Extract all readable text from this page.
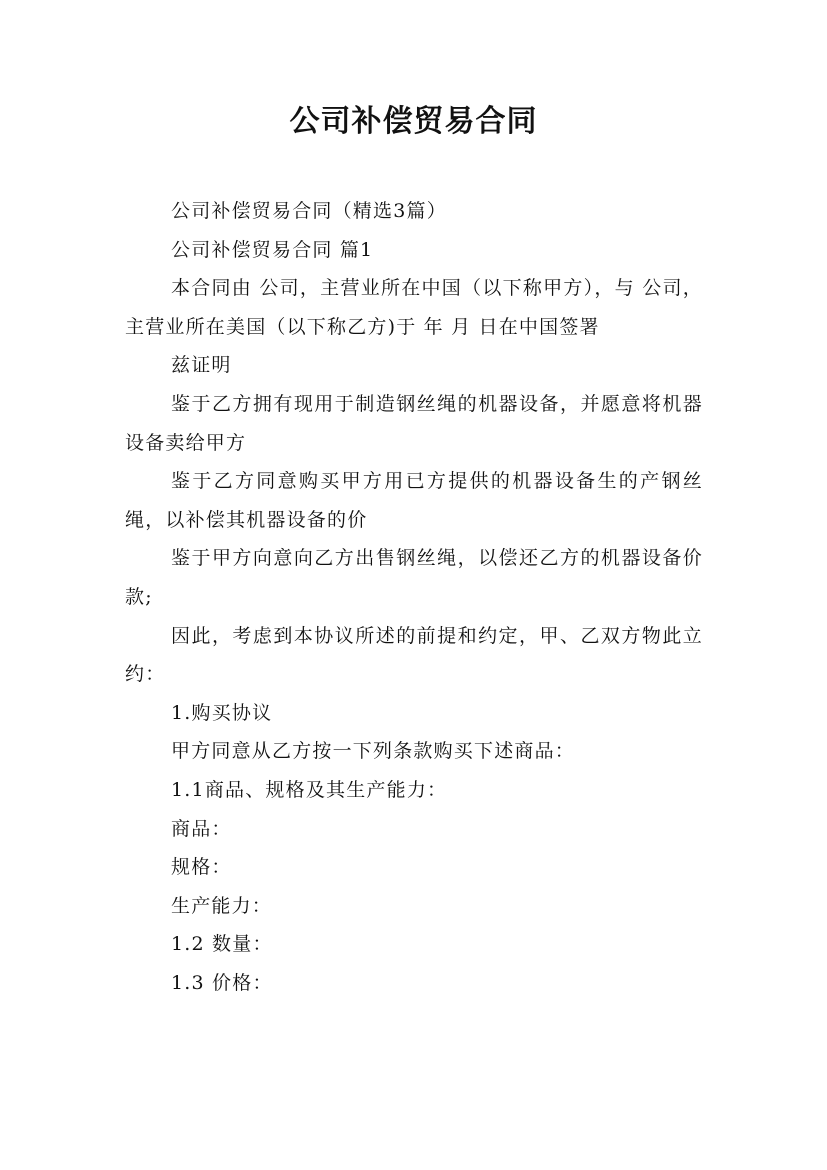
公司补偿贸易合同

公司补偿贸易合同（精选3篇）

公司补偿贸易合同 篇1

本合同由 公司，主营业所在中国（以下称甲方），与 公司，主营业所在美国（以下称乙方)于 年 月 日在中国签署

兹证明

鉴于乙方拥有现用于制造钢丝绳的机器设备，并愿意将机器设备卖给甲方

鉴于乙方同意购买甲方用已方提供的机器设备生的产钢丝绳，以补偿其机器设备的价

鉴于甲方向意向乙方出售钢丝绳，以偿还乙方的机器设备价款;

因此，考虑到本协议所述的前提和约定，甲、乙双方物此立约：

1.购买协议

甲方同意从乙方按一下列条款购买下述商品：

1.1商品、规格及其生产能力：

商品：

规格：

生产能力：

1.2 数量：

1.3 价格：
